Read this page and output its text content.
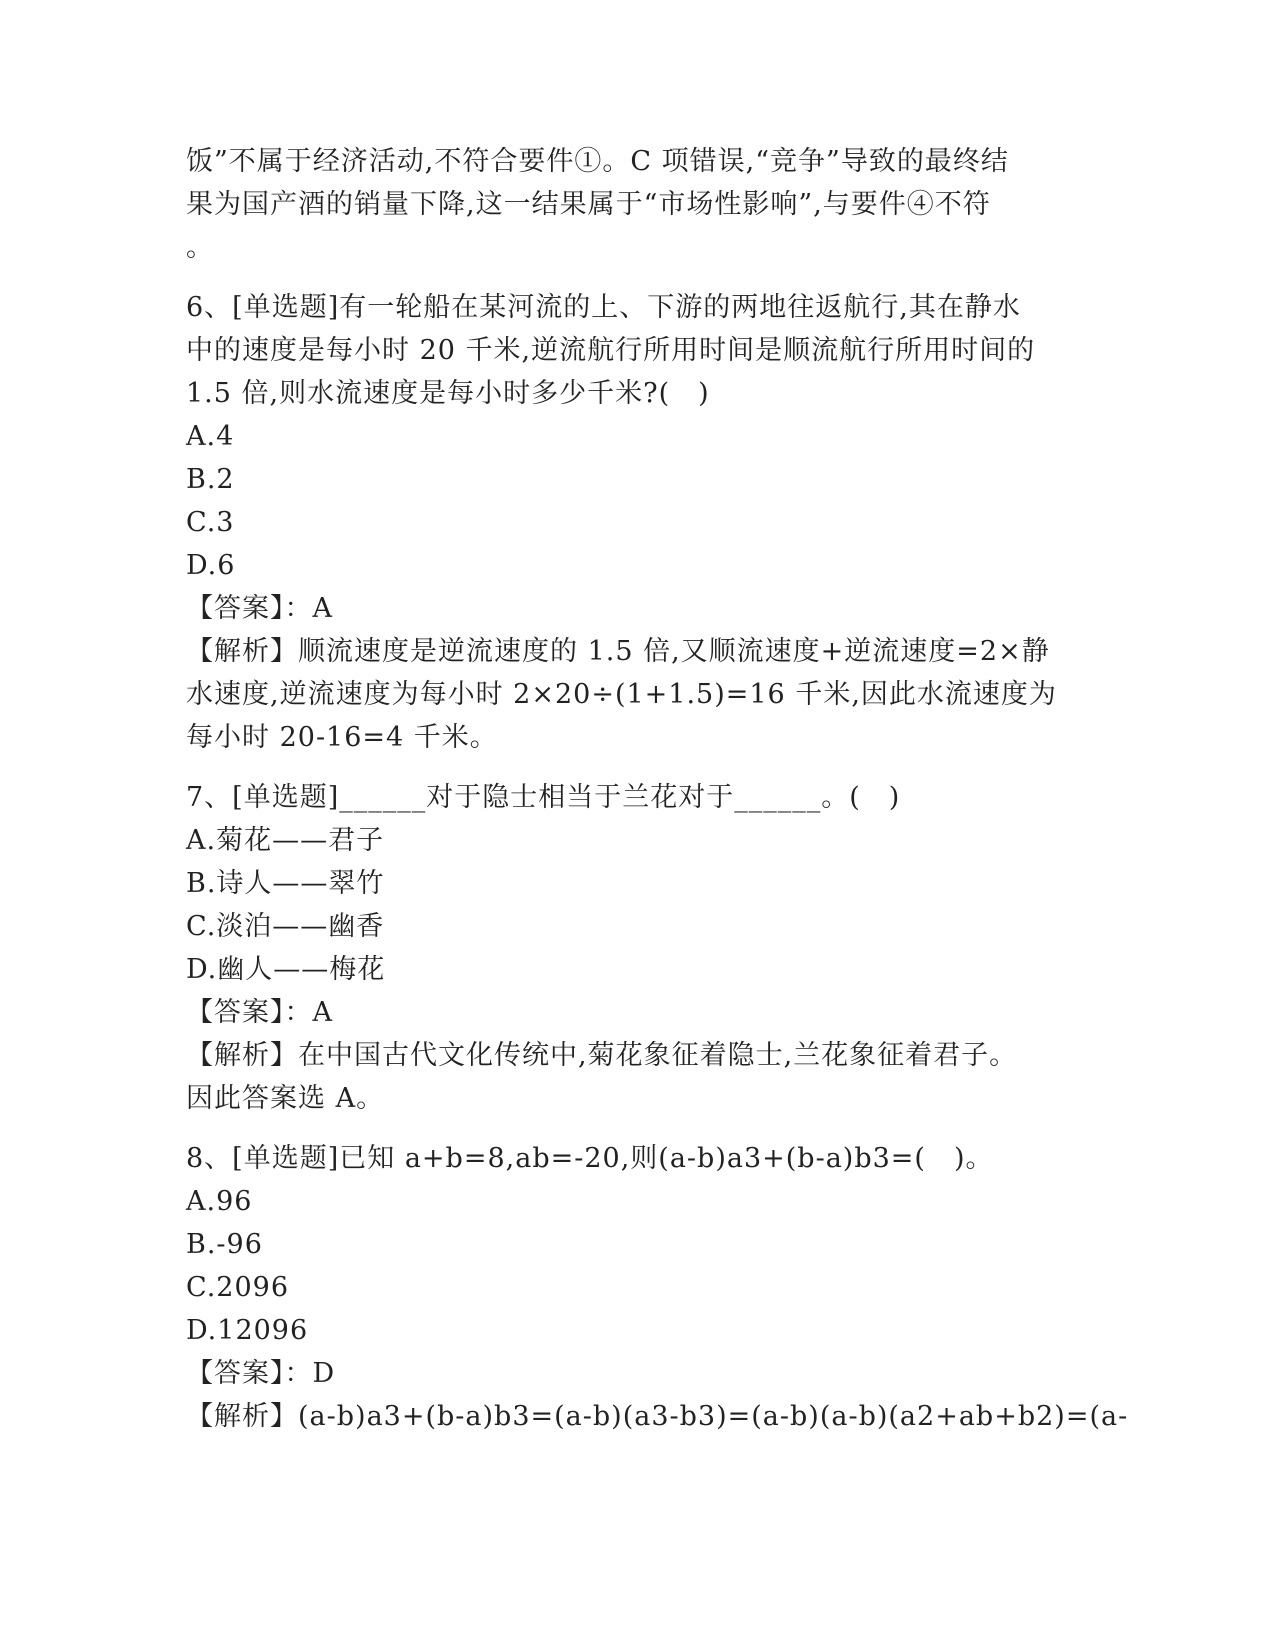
饭”不属于经济活动,不符合要件①。C 项错误,“竞争”导致的最终结
果为国产酒的销量下降,这一结果属于“市场性影响”,与要件④不符
。
6、[单选题]有一轮船在某河流的上、下游的两地往返航行,其在静水
中的速度是每小时 20 千米,逆流航行所用时间是顺流航行所用时间的
1.5 倍,则水流速度是每小时多少千米?(　)
A.4
B.2
C.3
D.6
【答案】：A
【解析】顺流速度是逆流速度的 1.5 倍,又顺流速度+逆流速度=2×静
水速度,逆流速度为每小时 2×20÷(1+1.5)=16 千米,因此水流速度为
每小时 20-16=4 千米。
7、[单选题]______对于隐士相当于兰花对于______。(　)
A.菊花——君子
B.诗人——翠竹
C.淡泊——幽香
D.幽人——梅花
【答案】：A
【解析】在中国古代文化传统中,菊花象征着隐士,兰花象征着君子。
因此答案选 A。
8、[单选题]已知 a+b=8,ab=-20,则(a-b)a3+(b-a)b3=(　)。
A.96
B.-96
C.2096
D.12096
【答案】：D
【解析】(a-b)a3+(b-a)b3=(a-b)(a3-b3)=(a-b)(a-b)(a2+ab+b2)=(a-
